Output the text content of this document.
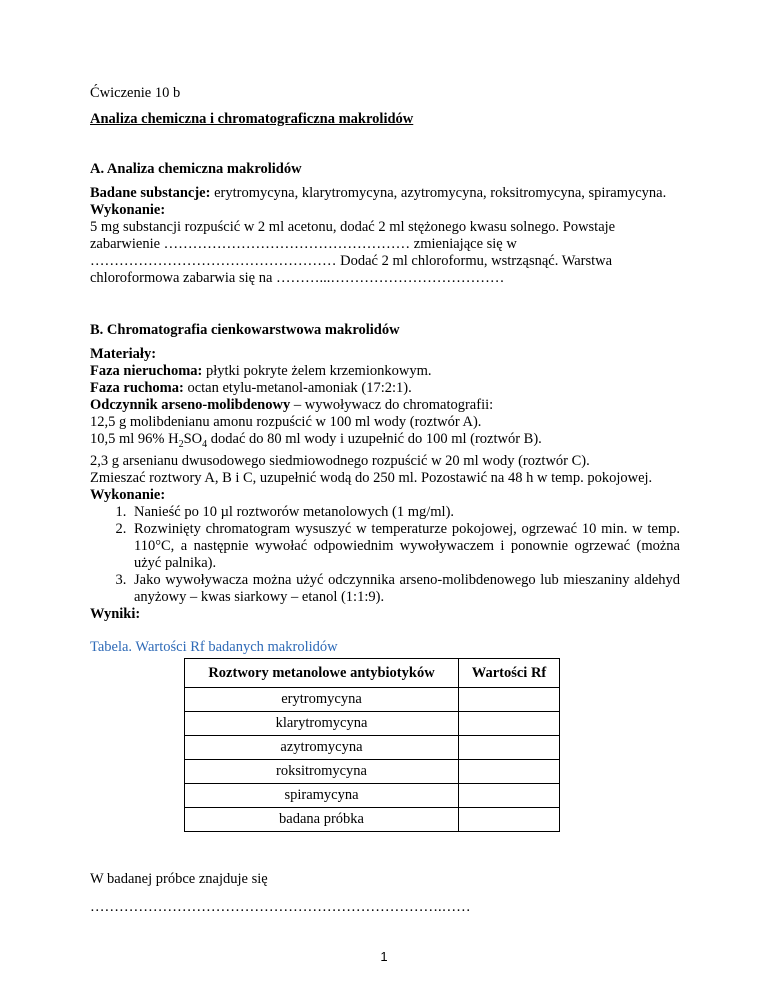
Ćwiczenie 10 b

Analiza chemiczna i chromatograficzna makrolidów

A. Analiza chemiczna makrolidów

Badane substancje: erytromycyna, klarytromycyna, azytromycyna, roksitromycyna, spiramycyna.

Wykonanie:

5 mg substancji rozpuścić w 2 ml acetonu, dodać 2 ml stężonego kwasu solnego. Powstaje zabarwienie …………………………………………… zmieniające się w …………………………………………… Dodać 2 ml chloroformu, wstrząsnąć. Warstwa chloroformowa zabarwia się na ………...………………………………

B. Chromatografia cienkowarstwowa makrolidów

Materiały:

Faza nieruchoma: płytki pokryte żelem krzemionkowym.

Faza ruchoma: octan etylu-metanol-amoniak (17:2:1).

Odczynnik arseno-molibdenowy – wywoływacz do chromatografii:

12,5 g molibdenianu amonu rozpuścić w 100 ml wody (roztwór A).

10,5 ml 96% $H_2SO_4$ dodać do 80 ml wody i uzupełnić do 100 ml (roztwór B).

2,3 g arsenianu dwusodowego siedmiowodnego rozpuścić w 20 ml wody (roztwór C).

Zmieszać roztwory A, B i C, uzupełnić wodą do 250 ml. Pozostawić na 48 h w temp. pokojowej.

Wykonanie:

1. Nanieść po 10 µl roztworów metanolowych (1 mg/ml).
2. Rozwinięty chromatogram wysuszyć w temperaturze pokojowej, ogrzewać 10 min. w temp. 110°C, a następnie wywołać odpowiednim wywoływaczem i ponownie ogrzewać (można użyć palnika).
3. Jako wywoływacza można użyć odczynnika arseno-molibdenowego lub mieszaniny aldehyd anyżowy – kwas siarkowy – etanol (1:1:9).

Wyniki:

Tabela. Wartości Rf badanych makrolidów

Roztwory metanolowe antybiotyków	Wartości Rf
erytromycyna	
klarytromycyna	
azytromycyna	
roksitromycyna	
spiramycyna	
badana próbka	

W badanej próbce znajduje się

……………………………………………………………….……

1
